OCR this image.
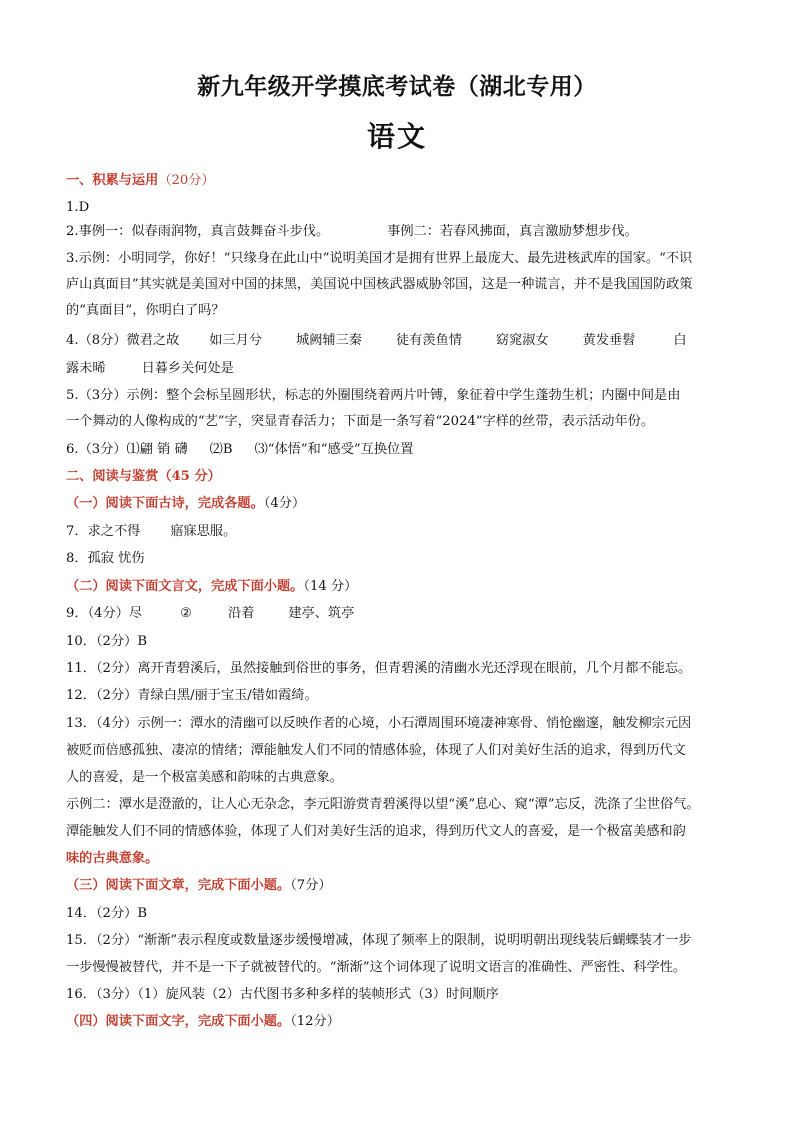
新九年级开学摸底考试卷（湖北专用）
语文
一、积累与运用（20分）
1.D
2.事例一：似春雨润物，真言鼓舞奋斗步伐。	事例二：若春风拂面，真言激励梦想步伐。
3.示例：小明同学，你好！“只缘身在此山中”说明美国才是拥有世界上最庞大、最先进核武库的国家。“不识
庐山真面目”其实就是美国对中国的抹黑，美国说中国核武器威胁邻国，这是一种谎言，并不是我国国防政策
的“真面目”，你明白了吗？
4.（8分）微君之故 如三月兮	城阙辅三秦	徒有羡鱼情	窈窕淑女	黄发垂髫	白
露未晞	日暮乡关何处是
5.（3分）示例：整个会标呈圆形状，标志的外圈围绕着两片叶镈，象征着中学生蓬勃生机；内圈中间是由
一个舞动的人像构成的“艺”字，突显青春活力；下面是一条写着“2024”字样的丝带，表示活动年份。
6.（3分）⑴翩 销 礴 ⑵B ⑶“体悟”和“感受”互换位置
二、阅读与鉴赏（45 分）
（一）阅读下面古诗，完成各题。（4分）
7．求之不得 寤寐思服。
8．孤寂 忧伤
（二）阅读下面文言文，完成下面小题。（14 分）
9．（4分）尽	②	沿着	建亭、筑亭
10．（2分）B
11．（2分）离开青碧溪后，虽然接触到俗世的事务，但青碧溪的清幽水光还浮现在眼前，几个月都不能忘。
12．（2分）青绿白黑/丽于宝玉/错如霞绮。
13．（4分）示例一：潭水的清幽可以反映作者的心境，小石潭周围环境凄神寒骨、悄怆幽邃，触发柳宗元因
被贬而倍感孤独、凄凉的情绪；潭能触发人们不同的情感体验，体现了人们对美好生活的追求，得到历代文
人的喜爱，是一个极富美感和韵味的古典意象。
示例二：潭水是澄澈的，让人心无杂念，李元阳游赏青碧溪得以望“溪”息心、窥“潭”忘反，洗涤了尘世俗气。
潭能触发人们不同的情感体验，体现了人们对美好生活的追求，得到历代文人的喜爱，是一个极富美感和韵
味的古典意象。
（三）阅读下面文章，完成下面小题。（7分）
14．（2分）B
15．（2分）“渐渐”表示程度或数量逐步缓慢增减，体现了频率上的限制，说明明朝出现线装后蝴蝶装才一步
一步慢慢被替代，并不是一下子就被替代的。“渐渐”这个词体现了说明文语言的准确性、严密性、科学性。
16．（3分）（1）旋风装（2）古代图书多种多样的装帧形式（3）时间顺序
（四）阅读下面文字，完成下面小题。（12分）
